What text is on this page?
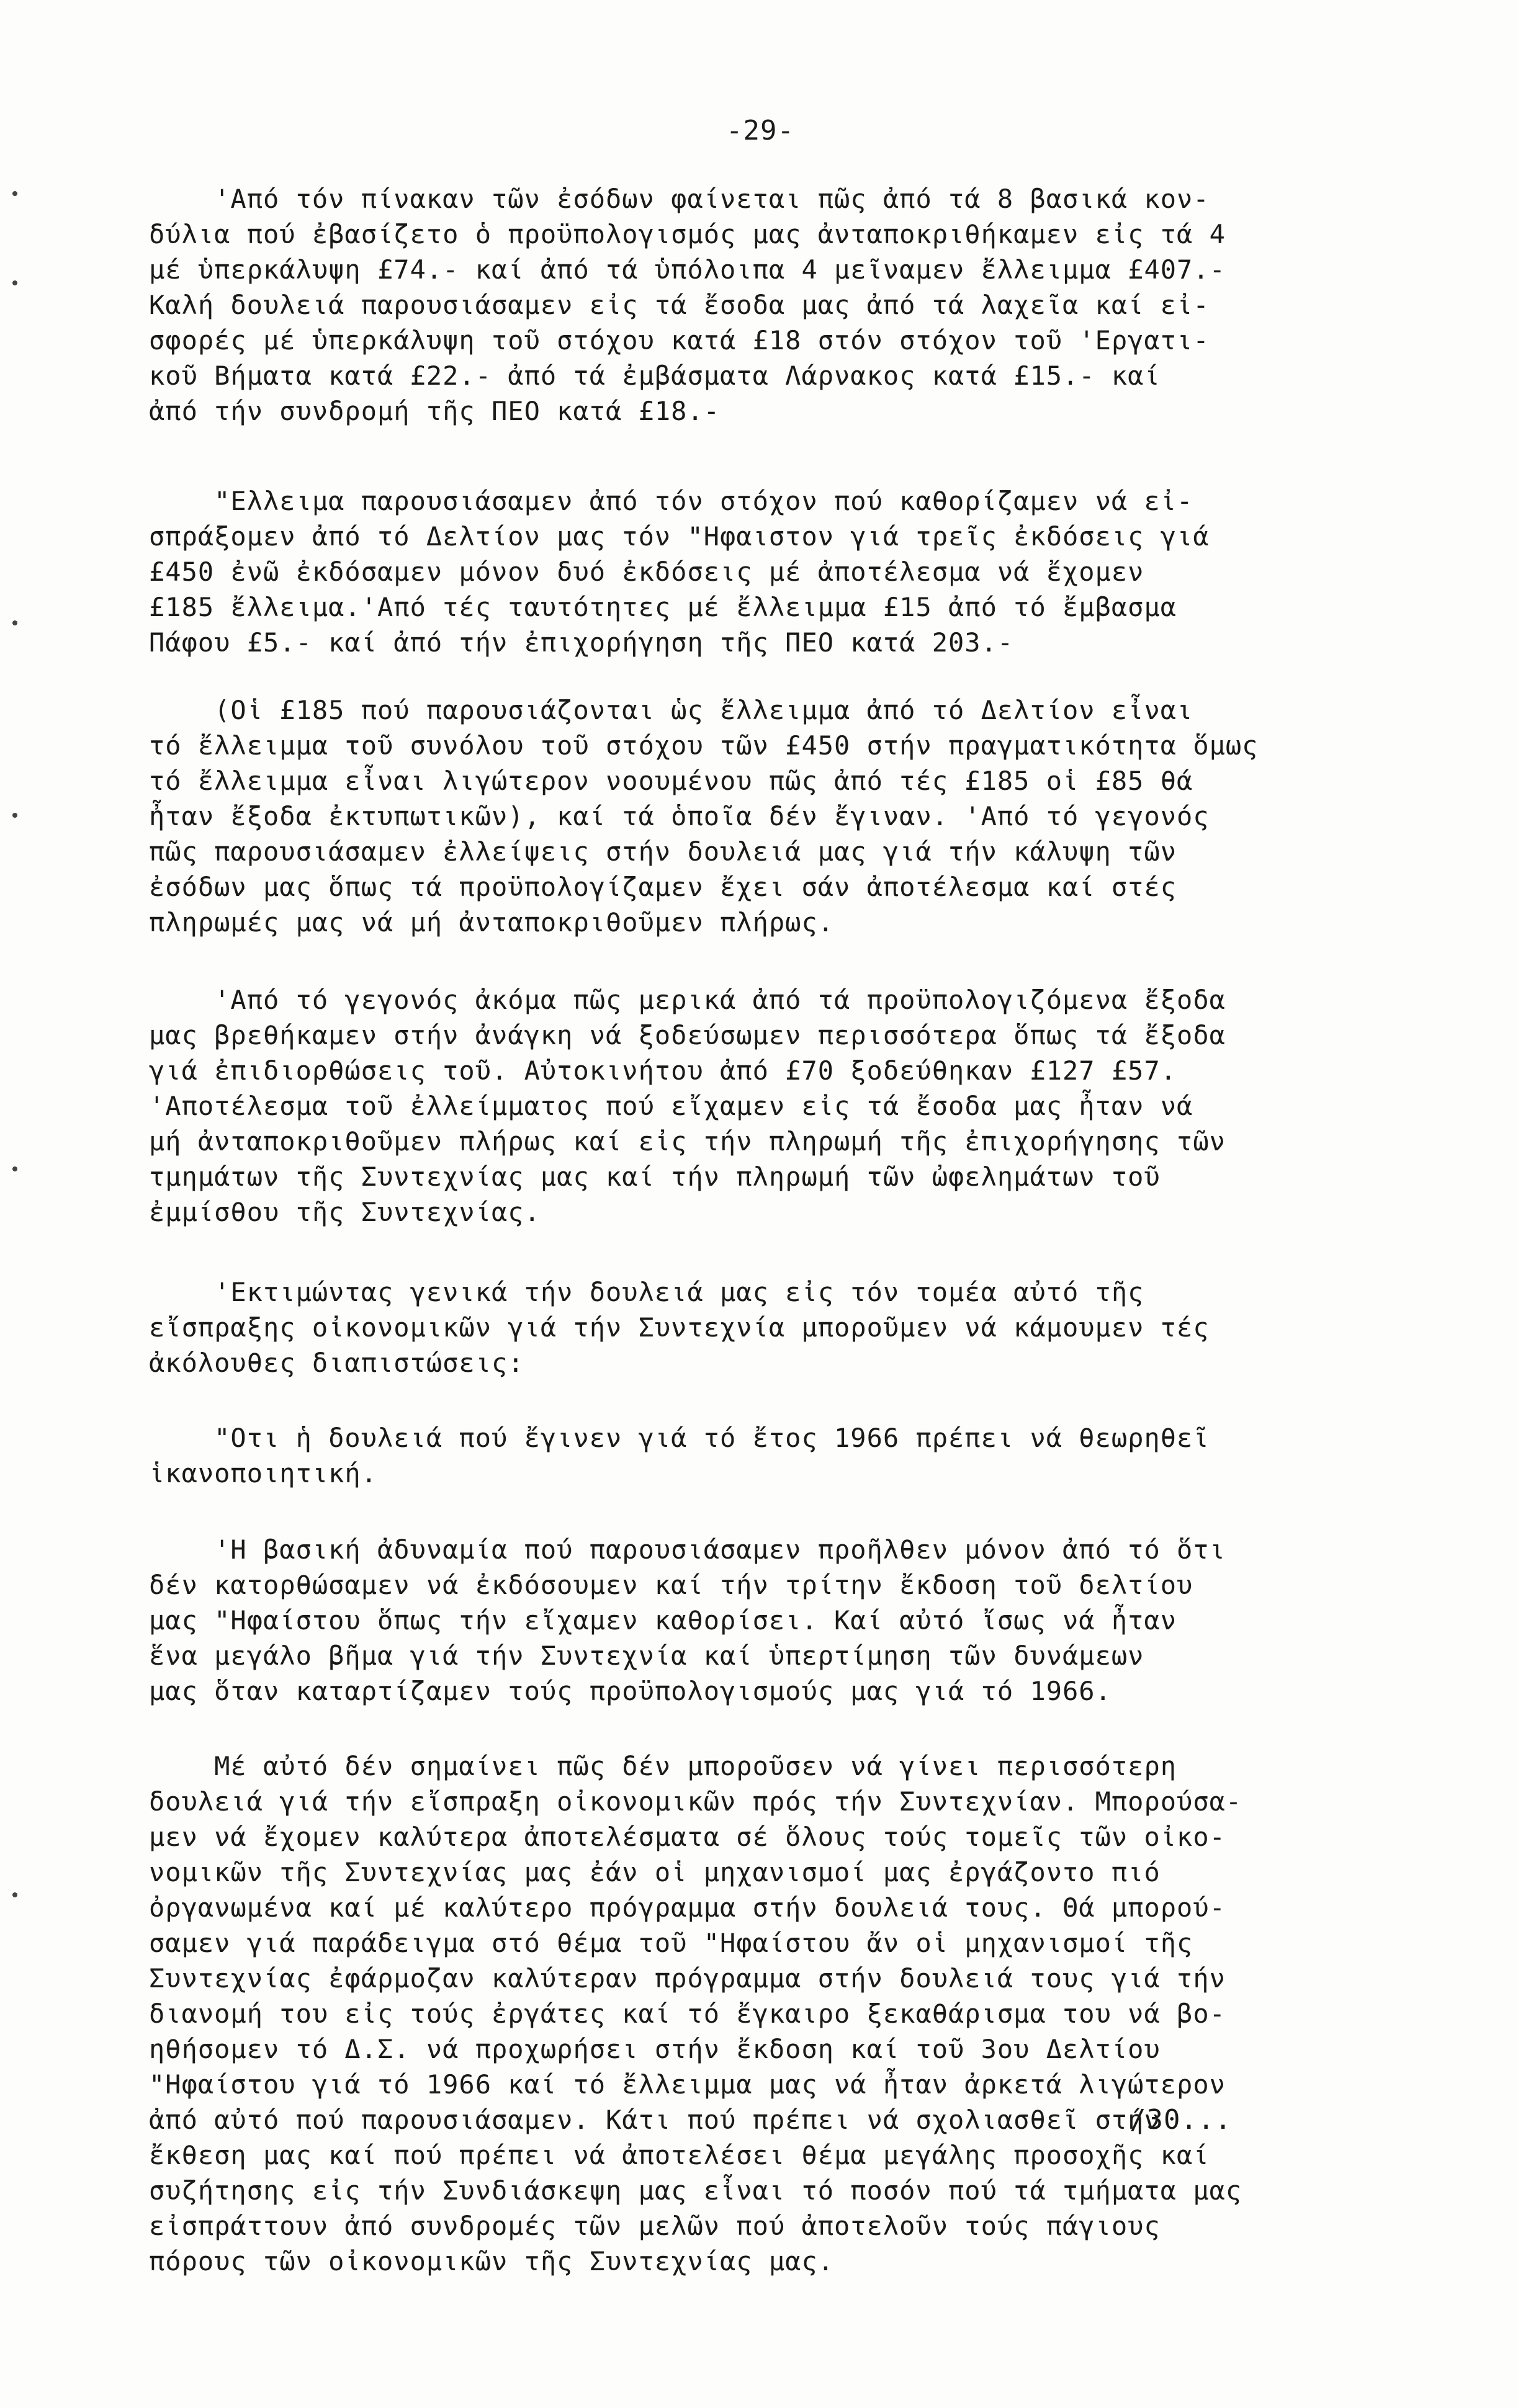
-29-

'Από τόν πίνακαν τῶν ἐσόδων φαίνεται πῶς ἀπό τά 8 βασικά κον-
δύλια πού ἐβασίζετο ὁ προϋπολογισμός μας ἀνταποκριθήκαμεν εἰς τά 4
μέ ὑπερκάλυψη £74.- καί ἀπό τά ὑπόλοιπα 4 μεῖναμεν ἔλλειμμα £407.-
Καλή δουλειά παρουσιάσαμεν εἰς τά ἔσοδα μας ἀπό τά λαχεῖα καί εἰ-
σφορές μέ ὑπερκάλυψη τοῦ στόχου κατά £18 στόν στόχον τοῦ 'Εργατι-
κοῦ Βήματα κατά £22.- ἀπό τά ἐμβάσματα Λάρνακος κατά £15.- καί
ἀπό τήν συνδρομή τῆς ΠΕΟ κατά £18.-

"Ελλειμα παρουσιάσαμεν ἀπό τόν στόχον πού καθορίζαμεν νά εἰ-
σπράξομεν ἀπό τό Δελτίον μας τόν "Ηφαιστον γιά τρεῖς ἐκδόσεις γιά
£450 ἐνῶ ἐκδόσαμεν μόνον δυό ἐκδόσεις μέ ἀποτέλεσμα νά ἔχομεν
£185 ἔλλειμα.'Από τές ταυτότητες μέ ἔλλειμμα £15 ἀπό τό ἔμβασμα
Πάφου £5.- καί ἀπό τήν ἐπιχορήγηση τῆς ΠΕΟ κατά 203.-

(Οἱ £185 πού παρουσιάζονται ὡς ἔλλειμμα ἀπό τό Δελτίον εἶναι
τό ἔλλειμμα τοῦ συνόλου τοῦ στόχου τῶν £450 στήν πραγματικότητα ὅμως
τό ἔλλειμμα εἶναι λιγώτερον νοουμένου πῶς ἀπό τές £185 οἱ £85 θά
ἦταν ἔξοδα ἐκτυπωτικῶν), καί τά ὁποῖα δέν ἔγιναν. 'Από τό γεγονός
πῶς παρουσιάσαμεν ἐλλείψεις στήν δουλειά μας γιά τήν κάλυψη τῶν
ἐσόδων μας ὅπως τά προϋπολογίζαμεν ἔχει σάν ἀποτέλεσμα καί στές
πληρωμές μας νά μή ἀνταποκριθοῦμεν πλήρως.

'Από τό γεγονός ἀκόμα πῶς μερικά ἀπό τά προϋπολογιζόμενα ἔξοδα
μας βρεθήκαμεν στήν ἀνάγκη νά ξοδεύσωμεν περισσότερα ὅπως τά ἔξοδα
γιά ἐπιδιορθώσεις τοῦ. Αὐτοκινήτου ἀπό £70 ξοδεύθηκαν £127 £57.
'Αποτέλεσμα τοῦ ἐλλείμματος πού εἴχαμεν εἰς τά ἔσοδα μας ἦταν νά
μή ἀνταποκριθοῦμεν πλήρως καί εἰς τήν πληρωμή τῆς ἐπιχορήγησης τῶν
τμημάτων τῆς Συντεχνίας μας καί τήν πληρωμή τῶν ὠφελημάτων τοῦ
ἐμμίσθου τῆς Συντεχνίας.

'Εκτιμώντας γενικά τήν δουλειά μας εἰς τόν τομέα αὐτό τῆς
εἴσπραξης οἰκονομικῶν γιά τήν Συντεχνία μποροῦμεν νά κάμουμεν τές
ἀκόλουθες διαπιστώσεις:

"Οτι ἡ δουλειά πού ἔγινεν γιά τό ἔτος 1966 πρέπει νά θεωρηθεῖ
ἱκανοποιητική.

'Η βασική ἀδυναμία πού παρουσιάσαμεν προῆλθεν μόνον ἀπό τό ὅτι
δέν κατορθώσαμεν νά ἐκδόσουμεν καί τήν τρίτην ἔκδοση τοῦ δελτίου
μας "Ηφαίστου ὅπως τήν εἴχαμεν καθορίσει. Καί αὐτό ἴσως νά ἦταν
ἕνα μεγάλο βῆμα γιά τήν Συντεχνία καί ὑπερτίμηση τῶν δυνάμεων
μας ὅταν καταρτίζαμεν τούς προϋπολογισμούς μας γιά τό 1966.

Μέ αὐτό δέν σημαίνει πῶς δέν μποροῦσεν νά γίνει περισσότερη
δουλειά γιά τήν εἴσπραξη οἰκονομικῶν πρός τήν Συντεχνίαν. Μπορούσα-
μεν νά ἔχομεν καλύτερα ἀποτελέσματα σέ ὅλους τούς τομεῖς τῶν οἰκο-
νομικῶν τῆς Συντεχνίας μας ἐάν οἱ μηχανισμοί μας ἐργάζοντο πιό
ὀργανωμένα καί μέ καλύτερο πρόγραμμα στήν δουλειά τους. Θά μπορού-
σαμεν γιά παράδειγμα στό θέμα τοῦ "Ηφαίστου ἄν οἱ μηχανισμοί τῆς
Συντεχνίας ἐφάρμοζαν καλύτεραν πρόγραμμα στήν δουλειά τους γιά τήν
διανομή του εἰς τούς ἐργάτες καί τό ἔγκαιρο ξεκαθάρισμα του νά βο-
ηθήσομεν τό Δ.Σ. νά προχωρήσει στήν ἔκδοση καί τοῦ 3ου Δελτίου
"Ηφαίστου γιά τό 1966 καί τό ἔλλειμμα μας νά ἦταν ἀρκετά λιγώτερον
ἀπό αὐτό πού παρουσιάσαμεν. Κάτι πού πρέπει νά σχολιασθεῖ στήν
ἔκθεση μας καί πού πρέπει νά ἀποτελέσει θέμα μεγάλης προσοχῆς καί
συζήτησης εἰς τήν Συνδιάσκεψη μας εἶναι τό ποσόν πού τά τμήματα μας
εἰσπράττουν ἀπό συνδρομές τῶν μελῶν πού ἀποτελοῦν τούς πάγιους
πόρους τῶν οἰκονομικῶν τῆς Συντεχνίας μας.

/30...
